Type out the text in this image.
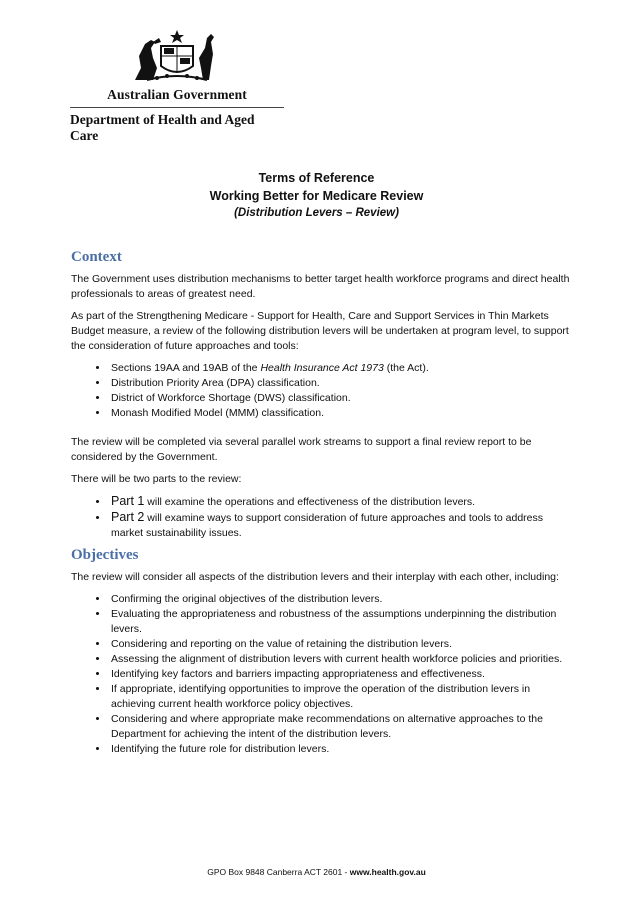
Australian Government
Department of Health and Aged Care
Terms of Reference
Working Better for Medicare Review
(Distribution Levers – Review)
Context

The Government uses distribution mechanisms to better target health workforce programs and direct health professionals to areas of greatest need.

As part of the Strengthening Medicare - Support for Health, Care and Support Services in Thin Markets Budget measure, a review of the following distribution levers will be undertaken at program level, to support the consideration of future approaches and tools:

• Sections 19AA and 19AB of the Health Insurance Act 1973 (the Act).
• Distribution Priority Area (DPA) classification.
• District of Workforce Shortage (DWS) classification.
• Monash Modified Model (MMM) classification.

The review will be completed via several parallel work streams to support a final review report to be considered by the Government.

There will be two parts to the review:

• Part 1 will examine the operations and effectiveness of the distribution levers.
• Part 2 will examine ways to support consideration of future approaches and tools to address market sustainability issues.
Objectives

The review will consider all aspects of the distribution levers and their interplay with each other, including:

• Confirming the original objectives of the distribution levers.
• Evaluating the appropriateness and robustness of the assumptions underpinning the distribution levers.
• Considering and reporting on the value of retaining the distribution levers.
• Assessing the alignment of distribution levers with current health workforce policies and priorities.
• Identifying key factors and barriers impacting appropriateness and effectiveness.
• If appropriate, identifying opportunities to improve the operation of the distribution levers in achieving current health workforce policy objectives.
• Considering and where appropriate make recommendations on alternative approaches to the Department for achieving the intent of the distribution levers.
• Identifying the future role for distribution levers.
GPO Box 9848 Canberra ACT 2601 - www.health.gov.au
